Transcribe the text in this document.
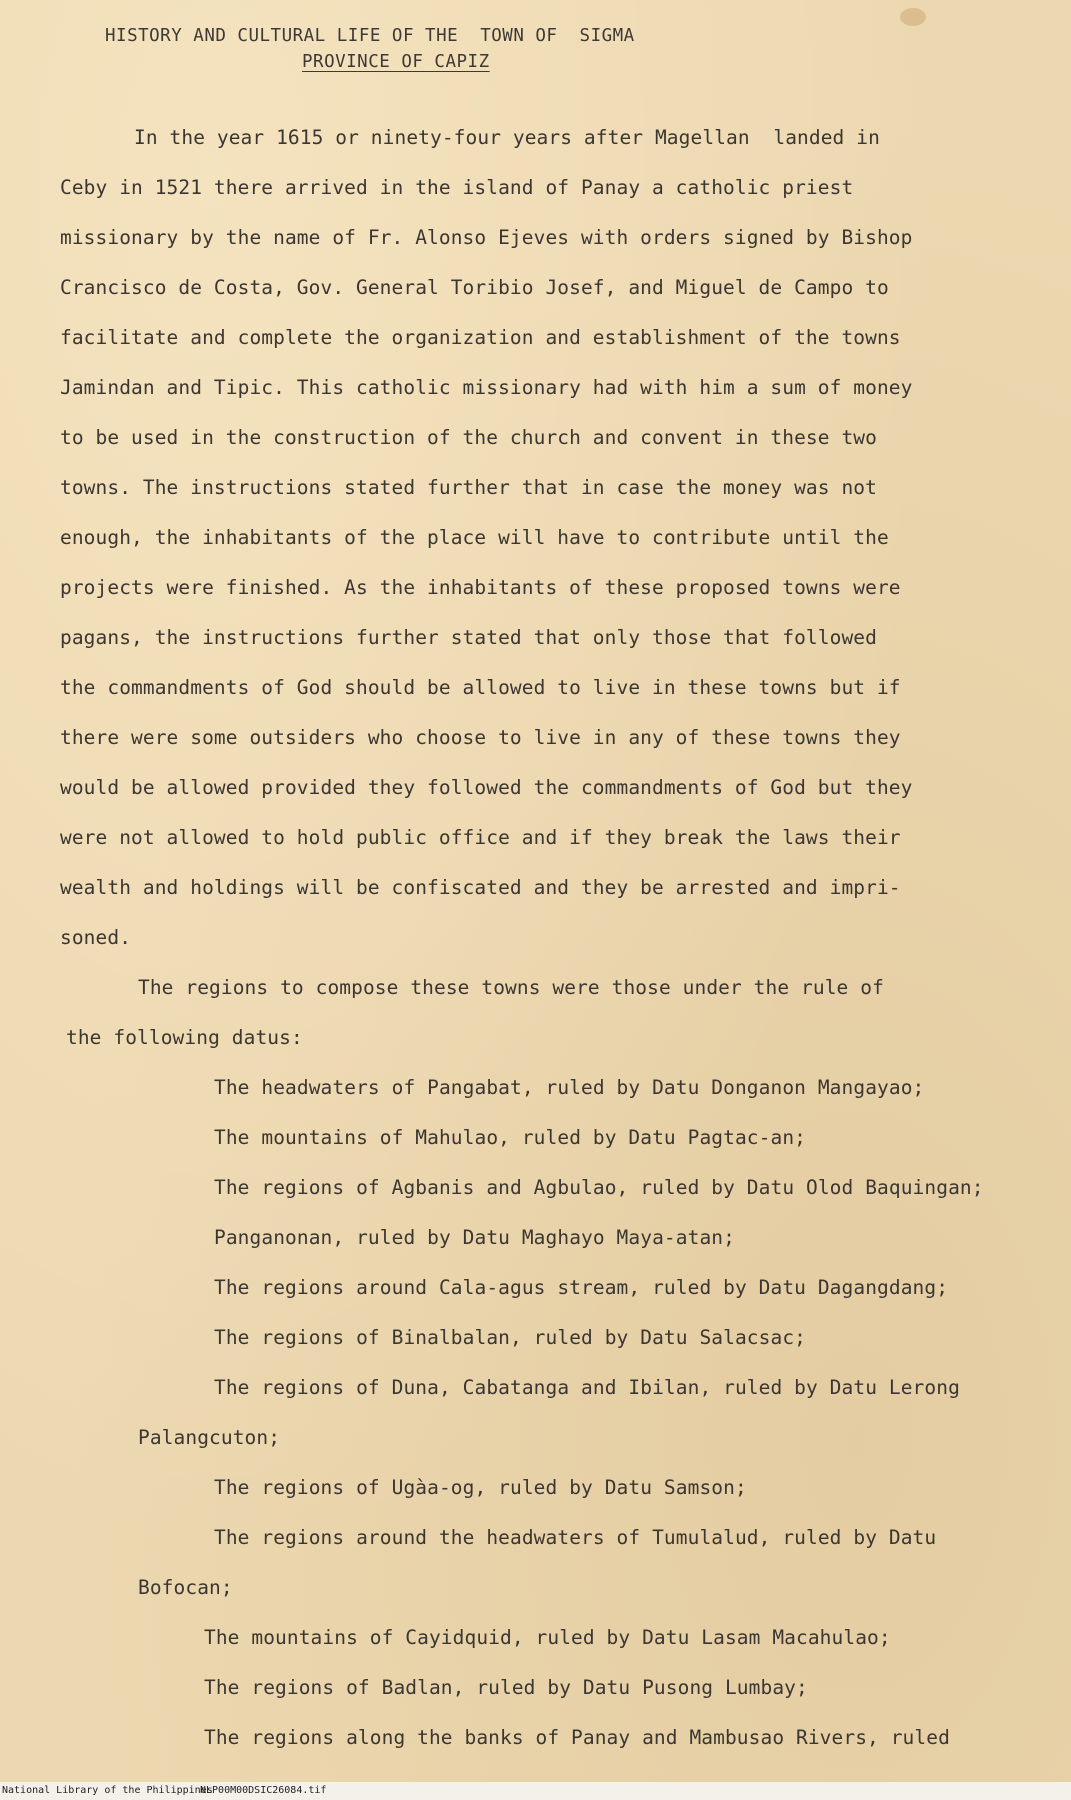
HISTORY AND CULTURAL LIFE OF THE  TOWN OF  SIGMA
PROVINCE OF CAPIZ
In the year 1615 or ninety-four years after Magellan  landed in
Ceby in 1521 there arrived in the island of Panay a catholic priest
missionary by the name of Fr. Alonso Ejeves with orders signed by Bishop
Crancisco de Costa, Gov. General Toribio Josef, and Miguel de Campo to
facilitate and complete the organization and establishment of the towns
Jamindan and Tipic. This catholic missionary had with him a sum of money
to be used in the construction of the church and convent in these two
towns. The instructions stated further that in case the money was not
enough, the inhabitants of the place will have to contribute until the
projects were finished. As the inhabitants of these proposed towns were
pagans, the instructions further stated that only those that followed
the commandments of God should be allowed to live in these towns but if
there were some outsiders who choose to live in any of these towns they
would be allowed provided they followed the commandments of God but they
were not allowed to hold public office and if they break the laws their
wealth and holdings will be confiscated and they be arrested and impri-
soned.
The regions to compose these towns were those under the rule of
the following datus:
The headwaters of Pangabat, ruled by Datu Donganon Mangayao;
The mountains of Mahulao, ruled by Datu Pagtac-an;
The regions of Agbanis and Agbulao, ruled by Datu Olod Baquingan;
Panganonan, ruled by Datu Maghayo Maya-atan;
The regions around Cala-agus stream, ruled by Datu Dagangdang;
The regions of Binalbalan, ruled by Datu Salacsac;
The regions of Duna, Cabatanga and Ibilan, ruled by Datu Lerong
Palangcuton;
The regions of Ugàa-og, ruled by Datu Samson;
The regions around the headwaters of Tumulalud, ruled by Datu
Bofocan;
The mountains of Cayidquid, ruled by Datu Lasam Macahulao;
The regions of Badlan, ruled by Datu Pusong Lumbay;
The regions along the banks of Panay and Mambusao Rivers, ruled

National Library of the Philippines

NLP00M00DSIC26084.tif
